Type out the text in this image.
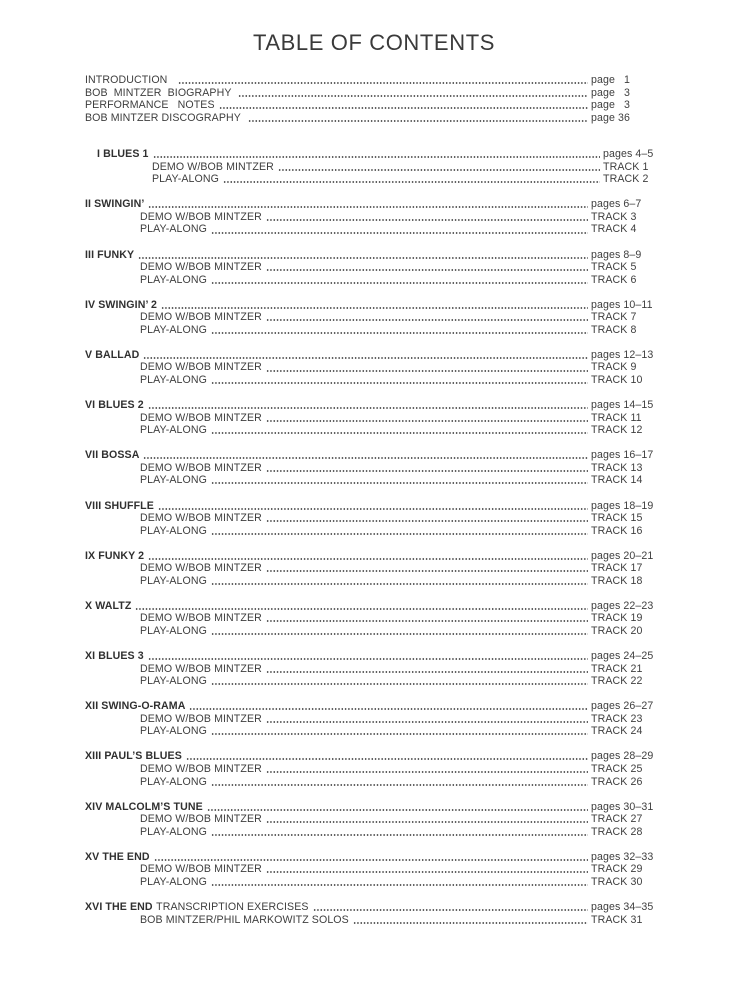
TABLE OF CONTENTS
INTRODUCTION	page 1
BOB  MINTZER  BIOGRAPHY	page 3
PERFORMANCE   NOTES	page 3
BOB MINTZER DISCOGRAPHY	page 36
I BLUES 1	pages 4–5
DEMO W/BOB MINTZER	TRACK 1
PLAY-ALONG	TRACK 2
II SWINGIN’	pages 6–7
DEMO W/BOB MINTZER	TRACK 3
PLAY-ALONG	TRACK 4
III FUNKY	pages 8–9
DEMO W/BOB MINTZER	TRACK 5
PLAY-ALONG	TRACK 6
IV SWINGIN’ 2	pages 10–11
DEMO W/BOB MINTZER	TRACK 7
PLAY-ALONG	TRACK 8
V BALLAD	pages 12–13
DEMO W/BOB MINTZER	TRACK 9
PLAY-ALONG	TRACK 10
VI BLUES 2	pages 14–15
DEMO W/BOB MINTZER	TRACK 11
PLAY-ALONG	TRACK 12
VII BOSSA	pages 16–17
DEMO W/BOB MINTZER	TRACK 13
PLAY-ALONG	TRACK 14
VIII SHUFFLE	pages 18–19
DEMO W/BOB MINTZER	TRACK 15
PLAY-ALONG	TRACK 16
IX FUNKY 2	pages 20–21
DEMO W/BOB MINTZER	TRACK 17
PLAY-ALONG	TRACK 18
X WALTZ	pages 22–23
DEMO W/BOB MINTZER	TRACK 19
PLAY-ALONG	TRACK 20
XI BLUES 3	pages 24–25
DEMO W/BOB MINTZER	TRACK 21
PLAY-ALONG	TRACK 22
XII SWING-O-RAMA	pages 26–27
DEMO W/BOB MINTZER	TRACK 23
PLAY-ALONG	TRACK 24
XIII PAUL’S BLUES	pages 28–29
DEMO W/BOB MINTZER	TRACK 25
PLAY-ALONG	TRACK 26
XIV MALCOLM’S TUNE	pages 30–31
DEMO W/BOB MINTZER	TRACK 27
PLAY-ALONG	TRACK 28
XV THE END	pages 32–33
DEMO W/BOB MINTZER	TRACK 29
PLAY-ALONG	TRACK 30
XVI THE END TRANSCRIPTION EXERCISES	pages 34–35
BOB MINTZER/PHIL MARKOWITZ SOLOS	TRACK 31
